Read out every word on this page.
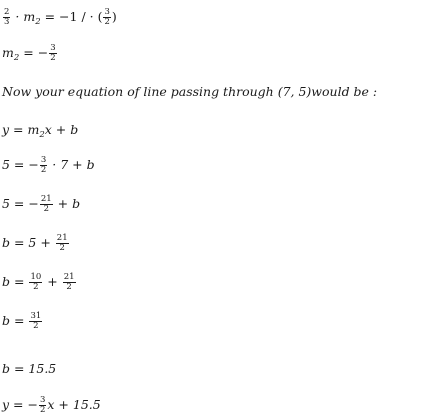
$\frac{2}{3} \cdot m_2 = -1$ / · ( $\frac{3}{2}$ )
$m_2$ = − $\frac{3}{2}$
Now your equation of line passing through (7, 5)would be :
$y = m_2x + b$
5 = − $\frac{3}{2} \cdot 7 + b$
5 = − $\frac{21}{2} + b$
$b = 5 + \frac{21}{2}$
$b = \frac{10}{2} + \frac{21}{2}$
$b = \frac{31}{2}$
b = 15.5
y = − $\frac{3}{2}$ x + 15.5
